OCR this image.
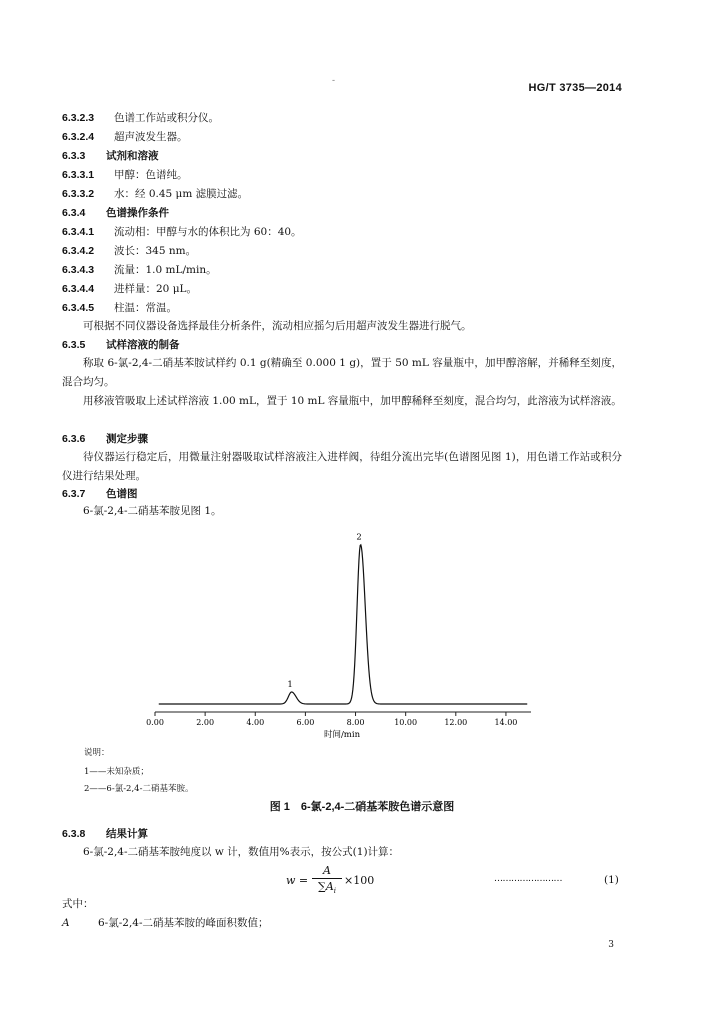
-
HG/T 3735—2014
6.3.2.3 色谱工作站或积分仪。
6.3.2.4 超声波发生器。
6.3.3 试剂和溶液
6.3.3.1 甲醇：色谱纯。
6.3.3.2 水：经 0.45 μm 滤膜过滤。
6.3.4 色谱操作条件
6.3.4.1 流动相：甲醇与水的体积比为 60：40。
6.3.4.2 波长：345 nm。
6.3.4.3 流量：1.0 mL/min。
6.3.4.4 进样量：20 μL。
6.3.4.5 柱温：常温。
可根据不同仪器设备选择最佳分析条件，流动相应摇匀后用超声波发生器进行脱气。
6.3.5 试样溶液的制备
称取 6-氯-2,4-二硝基苯胺试样约 0.1 g(精确至 0.000 1 g)，置于 50 mL 容量瓶中，加甲醇溶解，并稀释至刻度，混合均匀。
用移液管吸取上述试样溶液 1.00 mL，置于 10 mL 容量瓶中，加甲醇稀释至刻度，混合均匀，此溶液为试样溶液。
6.3.6 测定步骤
待仪器运行稳定后，用微量注射器吸取试样溶液注入进样阀，待组分流出完毕(色谱图见图 1)，用色谱工作站或积分仪进行结果处理。
6.3.7 色谱图
6-氯-2,4-二硝基苯胺见图 1。
0.00	2.00	4.00	6.00	8.00	10.00	12.00	14.00
时间/min
1
2
说明：
1——未知杂质；
2——6-氯-2,4-二硝基苯胺。
图 1　6-氯-2,4-二硝基苯胺色谱示意图
6.3.8 结果计算
6-氯-2,4-二硝基苯胺纯度以 w 计，数值用%表示，按公式(1)计算：
w =
A
$\sum A_i$
×100	……………………	(1)
式中：
A	6-氯-2,4-二硝基苯胺的峰面积数值；
3
